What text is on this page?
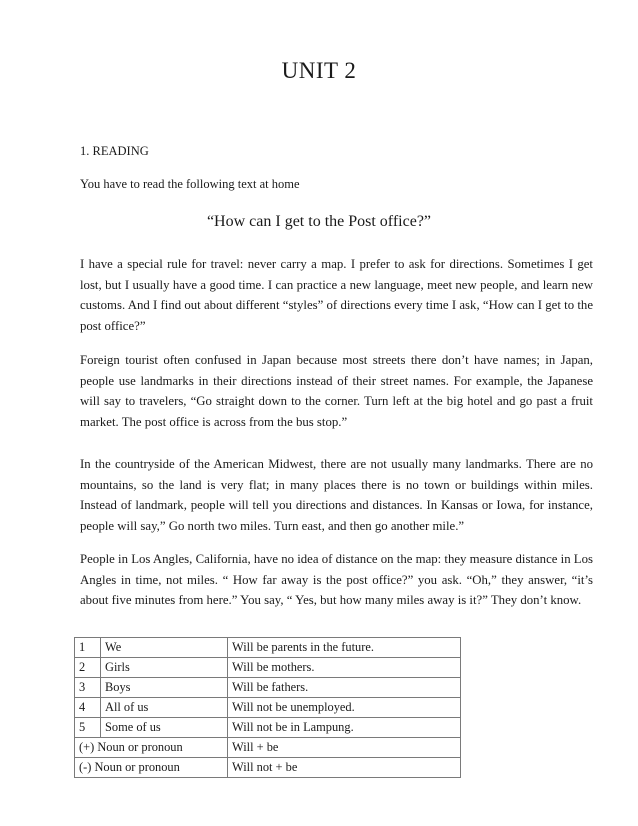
UNIT 2
1. READING
You have to read the following text at home
“How can I get to the Post office?”

I have a special rule for travel: never carry a map. I prefer to ask for directions. Sometimes I get lost, but I usually have a good time. I can practice a new language, meet new people, and learn new customs. And I find out about different “styles” of directions every time I ask, “How can I get to the post office?”

Foreign tourist often confused in Japan because most streets there don’t have names; in Japan, people use landmarks in their directions instead of their street names. For example, the Japanese will say to travelers, “Go straight down to the corner. Turn left at the big hotel and go past a fruit market. The post office is across from the bus stop.”

In the countryside of the American Midwest, there are not usually many landmarks. There are no mountains, so the land is very flat; in many places there is no town or buildings within miles. Instead of landmark, people will tell you directions and distances. In Kansas or Iowa, for instance, people will say,” Go north two miles. Turn east, and then go another mile.”

People in Los Angles, California, have no idea of distance on the map: they measure distance in Los Angles in time, not miles. “ How far away is the post office?” you ask. “Oh,” they answer, “it’s about five minutes from here.” You say, “ Yes, but how many miles away is it?” They don’t know.

1	We	Will be parents in the future.
2	Girls	Will be mothers.
3	Boys	Will be fathers.
4	All of us	Will not be unemployed.
5	Some of us	Will not be in Lampung.
(+) Noun or pronoun		Will + be
(-) Noun or pronoun		Will not + be
